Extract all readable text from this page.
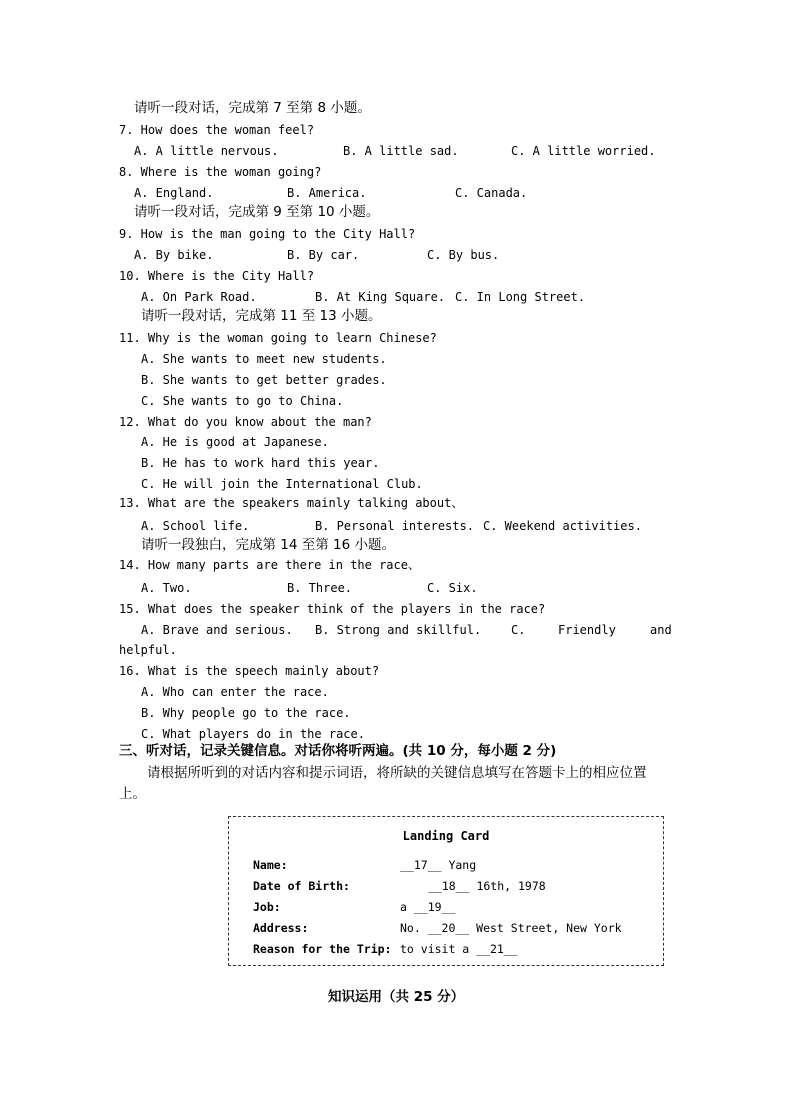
请听一段对话，完成第 7 至第 8 小题。
7. How does the woman feel?
A. A little nervous.	B. A little sad.	C. A little worried.
8. Where is the woman going?
A. England.	B. America.	C. Canada.
请听一段对话，完成第 9 至第 10 小题。
9. How is the man going to the City Hall?
A. By bike.	B. By car.	C. By bus.
10. Where is the City Hall?
A. On Park Road.	B. At King Square. C. In Long Street.
请听一段对话，完成第 11 至 13 小题。
11. Why is the woman going to learn Chinese?
A. She wants to meet new students.
B. She wants to get better grades.
C. She wants to go to China.
12. What do you know about the man?
A. He is good at Japanese.
B. He has to work hard this year.
C. He will join the International Club.
13. What are the speakers mainly talking about、
A. School life.	B. Personal interests. C. Weekend activities.
请听一段独白，完成第 14 至第 16 小题。
14. How many parts are there in the race、
A. Two.	B. Three.	C. Six.
15. What does the speaker think of the players in the race?
A. Brave and serious. B. Strong and skillful. C.	Friendly	and
helpful.
16. What is the speech mainly about?
A. Who can enter the race.
B. Why people go to the race.
C. What players do in the race.
三、听对话，记录关键信息。对话你将听两遍。(共 10 分，每小题 2 分)
请根据所听到的对话内容和提示词语，将所缺的关键信息填写在答题卡上的相应位置
上。
Landing Card
Name:	__17__ Yang
Date of Birth:	__18__ 16th, 1978
Job:	a __19__
Address:	No. __20__ West Street, New York
Reason for the Trip: to visit a __21__
知识运用（共 25 分）
